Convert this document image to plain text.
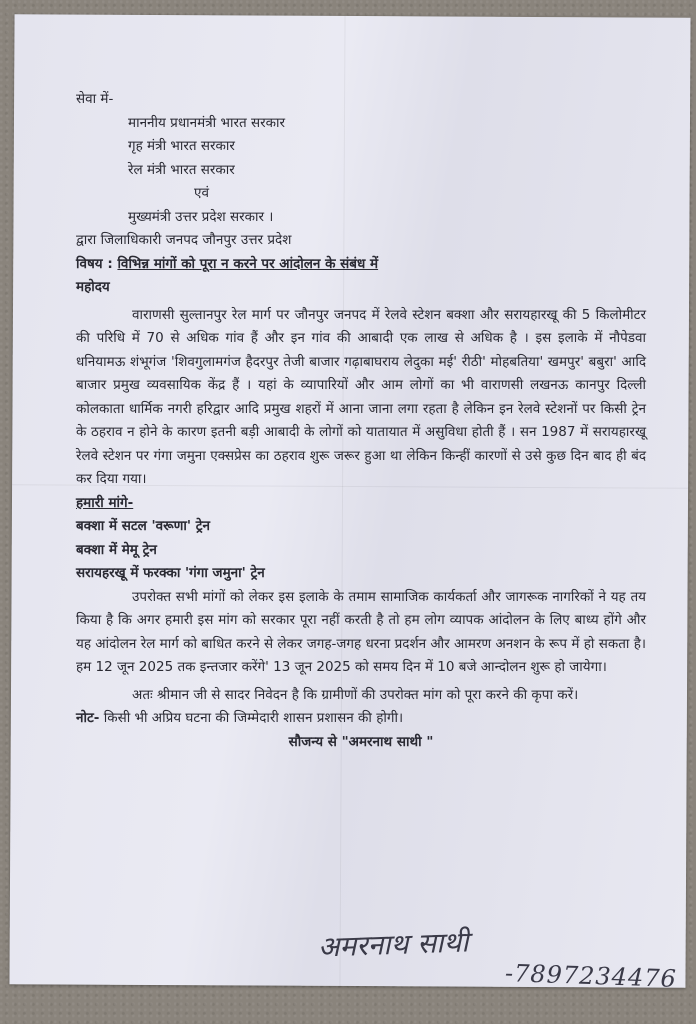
सेवा में-
माननीय प्रधानमंत्री भारत सरकार
गृह मंत्री भारत सरकार
रेल मंत्री भारत सरकार
एवं
मुख्यमंत्री उत्तर प्रदेश सरकार ।
द्वारा जिलाधिकारी जनपद जौनपुर उत्तर प्रदेश
विषय : विभिन्न मांगों को पूरा न करने पर आंदोलन के संबंध में
महोदय
वाराणसी सुल्तानपुर रेल मार्ग पर जौनपुर जनपद में रेलवे स्टेशन बक्शा और सरायहारखू की 5 किलोमीटर की परिधि में 70 से अधिक गांव हैं और इन गांव की आबादी एक लाख से अधिक है । इस इलाके में नौपेडवा धनियामऊ शंभूगंज 'शिवगुलामगंज हैदरपुर तेजी बाजार गढ़ाबाघराय लेदुका मई' रीठी' मोहबतिया' खमपुर' बबुरा' आदि बाजार प्रमुख व्यवसायिक केंद्र हैं । यहां के व्यापारियों और आम लोगों का भी वाराणसी लखनऊ कानपुर दिल्ली कोलकाता धार्मिक नगरी हरिद्वार आदि प्रमुख शहरों में आना जाना लगा रहता है लेकिन इन रेलवे स्टेशनों पर किसी ट्रेन के ठहराव न होने के कारण इतनी बड़ी आबादी के लोगों को यातायात में असुविधा होती हैं । सन 1987 में सरायहारखू रेलवे स्टेशन पर गंगा जमुना एक्सप्रेस का ठहराव शुरू जरूर हुआ था लेकिन किन्हीं कारणों से उसे कुछ दिन बाद ही बंद कर दिया गया।
हमारी मांगे-
बक्शा में सटल 'वरूणा' ट्रेन
बक्शा में मेमू ट्रेन
सरायहरखू में फरक्का 'गंगा जमुना' ट्रेन
उपरोक्त सभी मांगों को लेकर इस इलाके के तमाम सामाजिक कार्यकर्ता और जागरूक नागरिकों ने यह तय किया है कि अगर हमारी इस मांग को सरकार पूरा नहीं करती है तो हम लोग व्यापक आंदोलन के लिए बाध्य होंगे और यह आंदोलन रेल मार्ग को बाधित करने से लेकर जगह-जगह धरना प्रदर्शन और आमरण अनशन के रूप में हो सकता है। हम 12 जून 2025 तक इन्तजार करेंगे' 13 जून 2025 को समय दिन में 10 बजे आन्दोलन शुरू हो जायेगा।
अतः श्रीमान जी से सादर निवेदन है कि ग्रामीणों की उपरोक्त मांग को पूरा करने की कृपा करें।
नोट- किसी भी अप्रिय घटना की जिम्मेदारी शासन प्रशासन की होगी।
सौजन्य से "अमरनाथ साथी "
अमरनाथ साथी
-7897234476
